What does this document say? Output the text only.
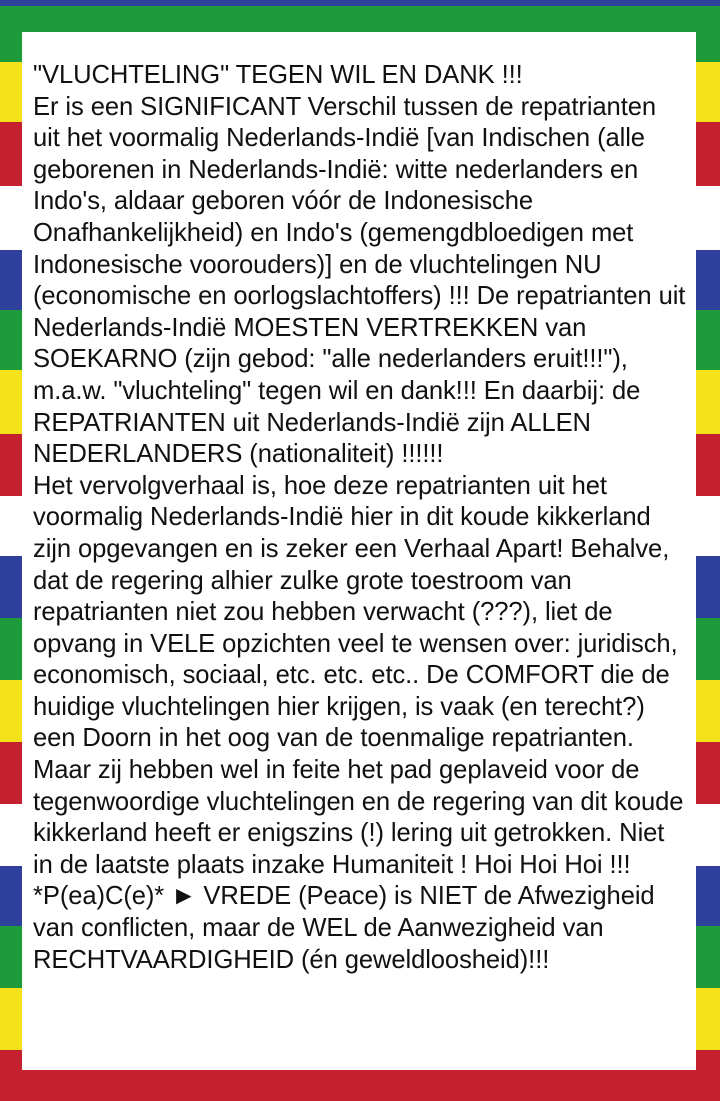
"VLUCHTELING" TEGEN WIL EN DANK !!!
Er is een SIGNIFICANT Verschil tussen de repatrianten uit het voormalig Nederlands-Indië [van Indischen (alle geborenen in Nederlands-Indië: witte nederlanders en Indo's, aldaar geboren vóór de Indonesische Onafhankelijkheid) en Indo's (gemengdbloedigen met Indonesische voorouders)] en de vluchtelingen NU (economische en oorlogslachtoffers) !!! De repatrianten uit Nederlands-Indië MOESTEN VERTREKKEN van SOEKARNO (zijn gebod: "alle nederlanders eruit!!!"), m.a.w. "vluchteling" tegen wil en dank!!! En daarbij: de REPATRIANTEN uit Nederlands-Indië zijn ALLEN NEDERLANDERS (nationaliteit) !!!!!!
Het vervolgverhaal is, hoe deze repatrianten uit het voormalig Nederlands-Indië hier in dit koude kikkerland zijn opgevangen en is zeker een Verhaal Apart! Behalve, dat de regering alhier zulke grote toestroom van repatrianten niet zou hebben verwacht (???), liet de opvang in VELE opzichten veel te wensen over: juridisch, economisch, sociaal, etc. etc. etc.. De COMFORT die de huidige vluchtelingen hier krijgen, is vaak (en terecht?) een Doorn in het oog van de toenmalige repatrianten. Maar zij hebben wel in feite het pad geplaveid voor de tegenwoordige vluchtelingen en de regering van dit koude kikkerland heeft er enigszins (!) lering uit getrokken. Niet in de laatste plaats inzake Humaniteit ! Hoi Hoi Hoi !!!
*P(ea)C(e)* ► VREDE (Peace) is NIET de Afwezigheid van conflicten, maar de WEL de Aanwezigheid van RECHTVAARDIGHEID (én geweldloosheid)!!!
